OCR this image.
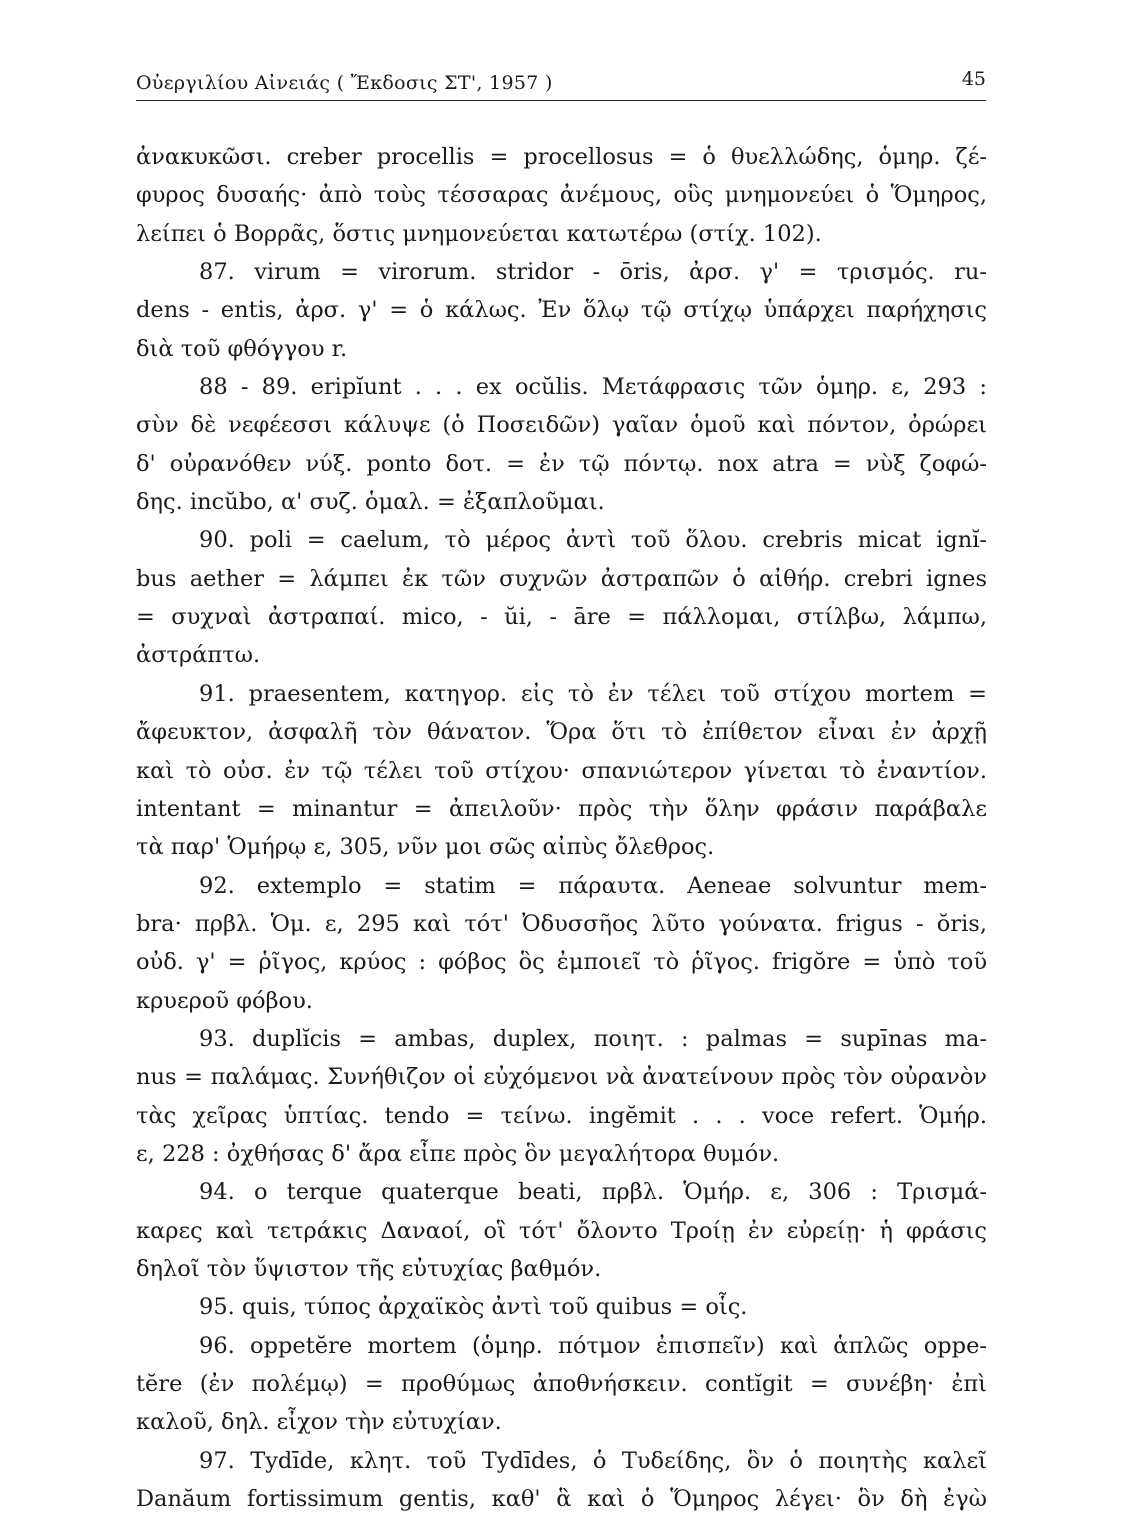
Οὐεργιλίου Αἰνειάς ( Ἔκδοσις ΣΤ', 1957 )	45
ἀνακυκῶσι. creber procellis = procellosus = ὁ θυελλώδης, ὁμηρ. ζέ-
φυρος δυσαής· ἀπὸ τοὺς τέσσαρας ἀνέμους, οὓς μνημονεύει ὁ Ὅμηρος,
λείπει ὁ Βορρᾶς, ὅστις μνημονεύεται κατωτέρω (στίχ. 102).
87. virum = virorum. stridor - ōris, ἀρσ. γ' = τρισμός. ru-
dens - entis, ἀρσ. γ' = ὁ κάλως. Ἐν ὅλῳ τῷ στίχῳ ὑπάρχει παρήχησις
διὰ τοῦ φθόγγου r.
88 - 89. eripĭunt . . . ex ocŭlis. Μετάφρασις τῶν ὁμηρ. ε, 293 :
σὺν δὲ νεφέεσσι κάλυψε (ὁ Ποσειδῶν) γαῖαν ὁμοῦ καὶ πόντον, ὀρώρει
δ' οὐρανόθεν νύξ. ponto δοτ. = ἐν τῷ πόντῳ. nox atra = νὺξ ζοφώ-
δης. incŭbo, α' συζ. ὁμαλ. = ἐξαπλοῦμαι.
90. poli = caelum, τὸ μέρος ἀντὶ τοῦ ὅλου. crebris micat ignĭ-
bus aether = λάμπει ἐκ τῶν συχνῶν ἀστραπῶν ὁ αἰθήρ. crebri ignes
= συχναὶ ἀστραπαί. mico, - ŭi, - āre = πάλλομαι, στίλβω, λάμπω,
ἀστράπτω.
91. praesentem, κατηγορ. εἰς τὸ ἐν τέλει τοῦ στίχου mortem =
ἄφευκτον, ἀσφαλῆ τὸν θάνατον. Ὅρα ὅτι τὸ ἐπίθετον εἶναι ἐν ἀρχῇ
καὶ τὸ οὐσ. ἐν τῷ τέλει τοῦ στίχου· σπανιώτερον γίνεται τὸ ἐναντίον.
intentant = minantur = ἀπειλοῦν· πρὸς τὴν ὅλην φράσιν παράβαλε
τὰ παρ' Ὁμήρῳ ε, 305, νῦν μοι σῶς αἰπὺς ὄλεθρος.
92. extemplo = statim = πάραυτα. Aeneae solvuntur mem-
bra· πρβλ. Ὁμ. ε, 295 καὶ τότ' Ὀδυσσῆος λῦτο γούνατα. frigus - ŏris,
οὐδ. γ' = ῥῖγος, κρύος : φόβος ὃς ἐμποιεῖ τὸ ῥῖγος. frigŏre = ὑπὸ τοῦ
κρυεροῦ φόβου.
93. duplĭcis = ambas, duplex, ποιητ. : palmas = supīnas ma-
nus = παλάμας. Συνήθιζον οἱ εὐχόμενοι νὰ ἀνατείνουν πρὸς τὸν οὐρανὸν
τὰς χεῖρας ὑπτίας. tendo = τείνω. ingĕmit . . . voce refert. Ὁμήρ.
ε, 228 : ὀχθήσας δ' ἄρα εἶπε πρὸς ὃν μεγαλήτορα θυμόν.
94. o terque quaterque beati, πρβλ. Ὁμήρ. ε, 306 : Τρισμά-
καρες καὶ τετράκις Δαναοί, οἳ τότ' ὄλοντο Τροίῃ ἐν εὐρείῃ· ἡ φράσις
δηλοῖ τὸν ὕψιστον τῆς εὐτυχίας βαθμόν.
95. quis, τύπος ἀρχαϊκὸς ἀντὶ τοῦ quibus = οἷς.
96. oppetĕre mortem (ὁμηρ. πότμον ἐπισπεῖν) καὶ ἁπλῶς oppe-
tĕre (ἐν πολέμῳ) = προθύμως ἀποθνήσκειν. contĭgit = συνέβη· ἐπὶ
καλοῦ, δηλ. εἶχον τὴν εὐτυχίαν.
97. Tydīde, κλητ. τοῦ Tydīdes, ὁ Τυδείδης, ὃν ὁ ποιητὴς καλεῖ
Danăum fortissimum gentis, καθ' ἃ καὶ ὁ Ὅμηρος λέγει· ὃν δὴ ἐγὼ
